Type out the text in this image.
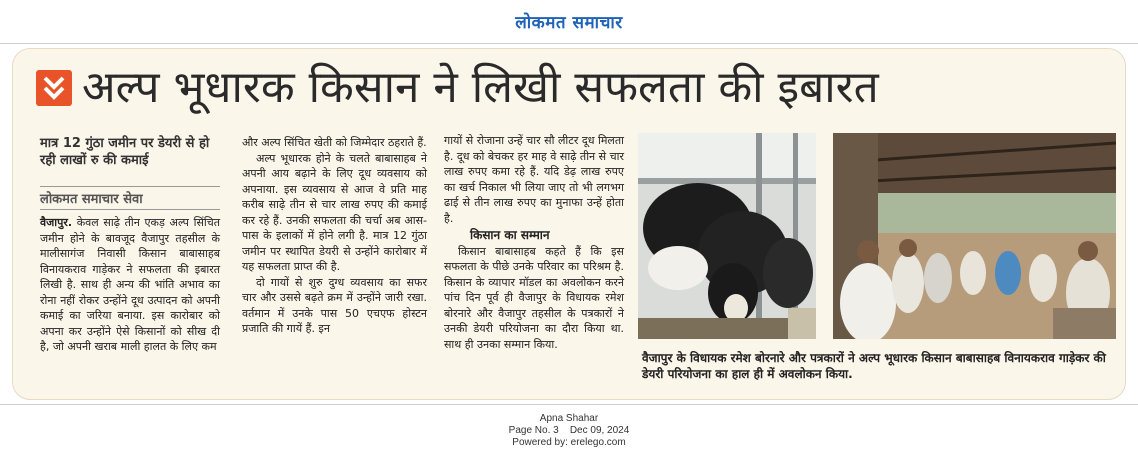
लोकमत समाचार
अल्प भूधारक किसान ने लिखी सफलता की इबारत
मात्र 12 गुंठा जमीन पर डेयरी से हो रही लाखों रु की कमाई
लोकमत समाचार सेवा

वैजापुर. केवल साढ़े तीन एकड़ अल्प सिंचित जमीन होने के बावजूद वैजापुर तहसील के मालीसागंज निवासी किसान बाबासाहब विनायकराव गाड़ेकर ने सफलता की इबारत लिखी है. साथ ही अन्य की भांति अभाव का रोना नहीं रोकर उन्होंने दूध उत्पादन को अपनी कमाई का जरिया बनाया. इस कारोबार को अपना कर उन्होंने ऐसे किसानों को सीख दी है, जो अपनी खराब माली हालत के लिए कम

और अल्प सिंचित खेती को जिम्मेदार ठहराते हैं.

अल्प भूधारक होने के चलते बाबासाहब ने अपनी आय बढ़ाने के लिए दूध व्यवसाय को अपनाया. इस व्यवसाय से आज वे प्रति माह करीब साढ़े तीन से चार लाख रुपए की कमाई कर रहे हैं. उनकी सफलता की चर्चा अब आस-पास के इलाकों में होने लगी है. मात्र 12 गुंठा जमीन पर स्थापित डेयरी से उन्होंने कारोबार में यह सफलता प्राप्त की है.

दो गायों से शुरु दुग्ध व्यवसाय का सफर चार और उससे बढ़ते क्रम में उन्होंने जारी रखा. वर्तमान में उनके पास 50 एचएफ होस्टन प्रजाति की गायें हैं. इन

गायों से रोजाना उन्हें चार सौ लीटर दूध मिलता है. दूध को बेचकर हर माह वे साढ़े तीन से चार लाख रुपए कमा रहे हैं. यदि डेढ़ लाख रुपए का खर्च निकाल भी लिया जाए तो भी लगभग ढाई से तीन लाख रुपए का मुनाफा उन्हें होता है.

किसान का सम्मान

किसान बाबासाहब कहते हैं कि इस सफलता के पीछे उनके परिवार का परिश्रम है. किसान के व्यापार मॉडल का अवलोकन करने पांच दिन पूर्व ही वैजापुर के विधायक रमेश बोरनारे और वैजापुर तहसील के पत्रकारों ने उनकी डेयरी परियोजना का दौरा किया था. साथ ही उनका सम्मान किया.

वैजापुर के विधायक रमेश बोरनारे और पत्रकारों ने अल्प भूधारक किसान बाबासाहब विनायकराव गाड़ेकर की डेयरी परियोजना का हाल ही में अवलोकन किया.
Apna Shahar
Page No. 3    Dec 09, 2024
Powered by: erelego.com
